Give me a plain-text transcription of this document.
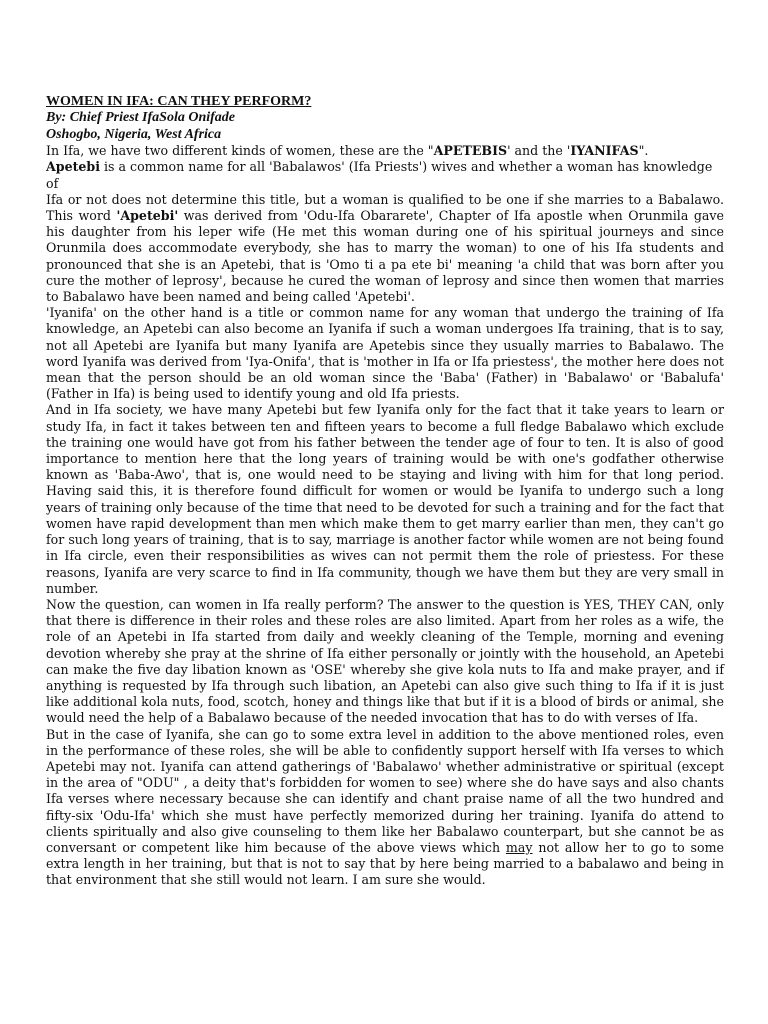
WOMEN IN IFA: CAN THEY PERFORM?
By: Chief Priest IfaSola Onifade
Oshogbo, Nigeria, West Africa

In Ifa, we have two different kinds of women, these are the "APETEBIS' and the 'IYANIFAS".

Apetebi is a common name for all 'Babalawos' (Ifa Priests') wives and whether a woman has knowledge of

Ifa or not does not determine this title, but a woman is qualified to be one if she marries to a Babalawo. This word 'Apetebi' was derived from 'Odu-Ifa Obararete', Chapter of Ifa apostle when Orunmila gave his daughter from his leper wife (He met this woman during one of his spiritual journeys and since Orunmila does accommodate everybody, she has to marry the woman) to one of his Ifa students and pronounced that she is an Apetebi, that is 'Omo ti a pa ete bi' meaning 'a child that was born after you cure the mother of leprosy', because he cured the woman of leprosy and since then women that marries to Babalawo have been named and being called 'Apetebi'.

'Iyanifa' on the other hand is a title or common name for any woman that undergo the training of Ifa knowledge, an Apetebi can also become an Iyanifa if such a woman undergoes Ifa training, that is to say, not all Apetebi are Iyanifa but many Iyanifa are Apetebis since they usually marries to Babalawo. The word Iyanifa was derived from 'Iya-Onifa', that is 'mother in Ifa or Ifa priestess', the mother here does not mean that the person should be an old woman since the 'Baba' (Father) in 'Babalawo' or 'Babalufa' (Father in Ifa) is being used to identify young and old Ifa priests.

And in Ifa society, we have many Apetebi but few Iyanifa only for the fact that it take years to learn or study Ifa, in fact it takes between ten and fifteen years to become a full fledge Babalawo which exclude the training one would have got from his father between the tender age of four to ten. It is also of good importance to mention here that the long years of training would be with one's godfather otherwise known as 'Baba-Awo', that is, one would need to be staying and living with him for that long period. Having said this, it is therefore found difficult for women or would be Iyanifa to undergo such a long years of training only because of the time that need to be devoted for such a training and for the fact that women have rapid development than men which make them to get marry earlier than men, they can't go for such long years of training, that is to say, marriage is another factor while women are not being found in Ifa circle, even their responsibilities as wives can not permit them the role of priestess. For these reasons, Iyanifa are very scarce to find in Ifa community, though we have them but they are very small in number.

Now the question, can women in Ifa really perform? The answer to the question is YES, THEY CAN, only that there is difference in their roles and these roles are also limited. Apart from her roles as a wife, the role of an Apetebi in Ifa started from daily and weekly cleaning of the Temple, morning and evening devotion whereby she pray at the shrine of Ifa either personally or jointly with the household, an Apetebi can make the five day libation known as 'OSE' whereby she give kola nuts to Ifa and make prayer, and if anything is requested by Ifa through such libation, an Apetebi can also give such thing to Ifa if it is just like additional kola nuts, food, scotch, honey and things like that but if it is a blood of birds or animal, she would need the help of a Babalawo because of the needed invocation that has to do with verses of Ifa.

But in the case of Iyanifa, she can go to some extra level in addition to the above mentioned roles, even in the performance of these roles, she will be able to confidently support herself with Ifa verses to which Apetebi may not. Iyanifa can attend gatherings of 'Babalawo' whether administrative or spiritual (except in the area of "ODU" , a deity that's forbidden for women to see) where she do have says and also chants Ifa verses where necessary because she can identify and chant praise name of all the two hundred and fifty-six 'Odu-Ifa' which she must have perfectly memorized during her training. Iyanifa do attend to clients spiritually and also give counseling to them like her Babalawo counterpart, but she cannot be as conversant or competent like him because of the above views which may not allow her to go to some extra length in her training, but that is not to say that by here being married to a babalawo and being in that environment that she still would not learn. I am sure she would.
